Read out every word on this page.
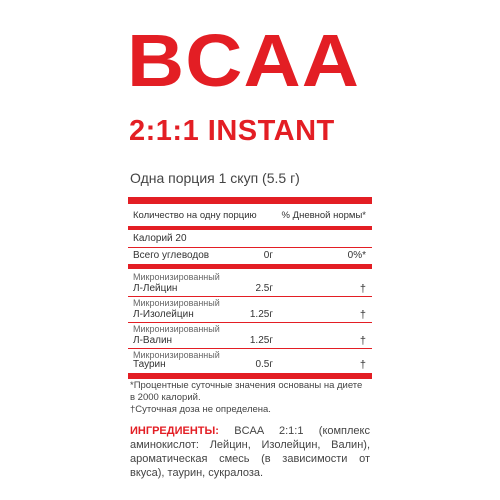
BCAA
2:1:1 INSTANT
Одна порция 1 скуп (5.5 г)
Количество на одну порцию	% Дневной нормы*
Калорий 20
Всего углеводов	0г	0%*
Микронизированный
Л-Лейцин	2.5г	†
Микронизированный
Л-Изолейцин	1.25г	†
Микронизированный
Л-Валин	1.25г	†
Микронизированный
Таурин	0.5г	†
*Процентные суточные значения основаны на диете в 2000 калорий.
†Суточная доза не определена.
ИНГРЕДИЕНТЫ: BCAA 2:1:1 (комплекс аминокислот: Лейцин, Изолейцин, Валин), ароматическая смесь (в зависимости от вкуса), таурин, сукралоза.
